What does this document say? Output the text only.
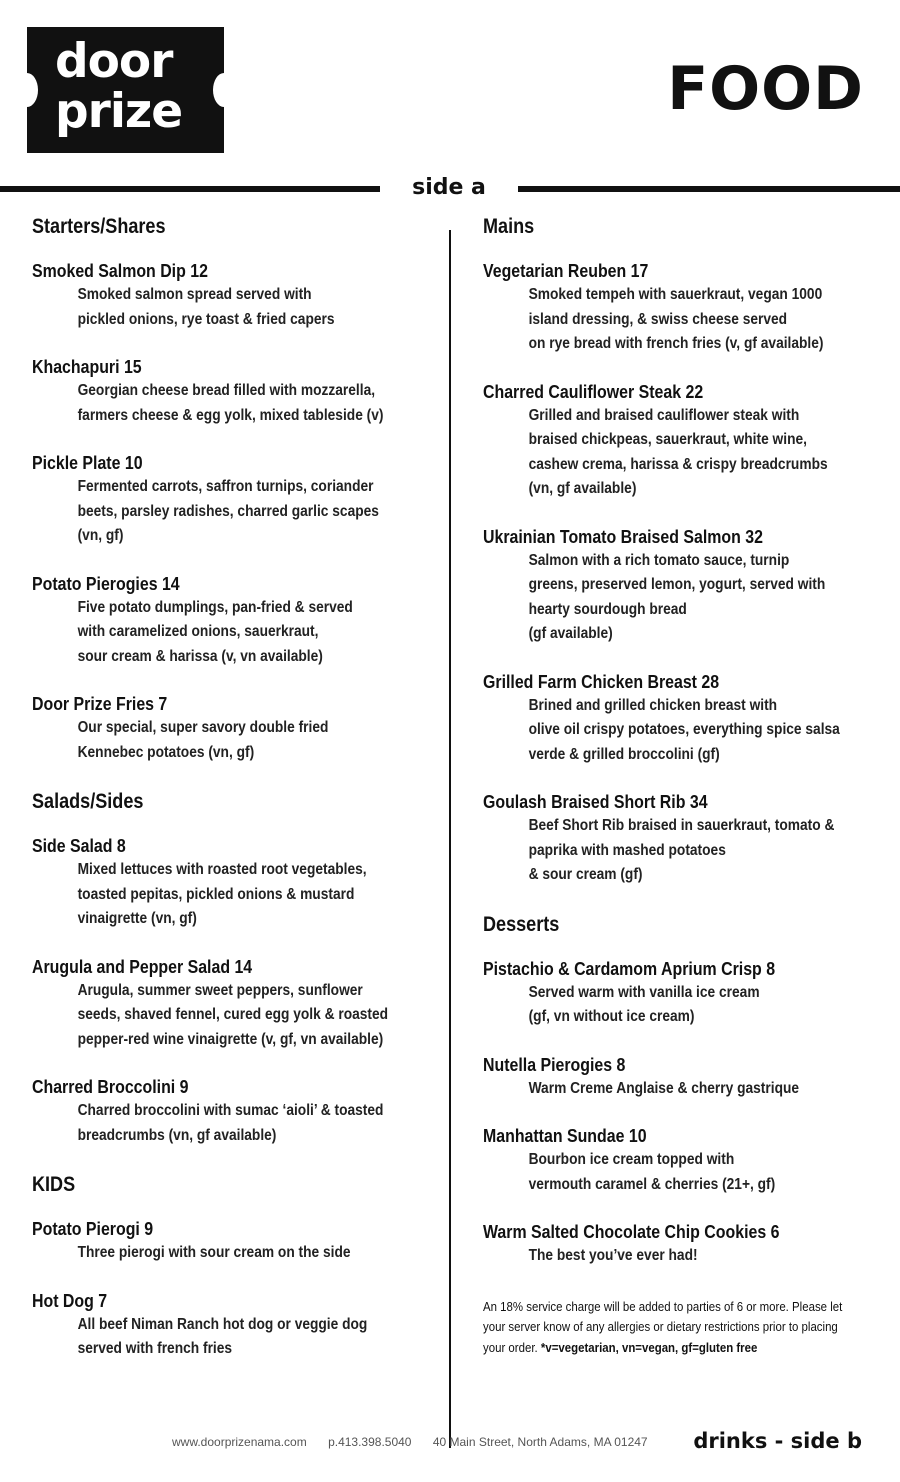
door
prize	FOOD
side a
Starters/Shares
Smoked Salmon Dip 12
Smoked salmon spread served with
pickled onions, rye toast & fried capers
Khachapuri 15
Georgian cheese bread filled with mozzarella,
farmers cheese & egg yolk, mixed tableside (v)
Pickle Plate 10
Fermented carrots, saffron turnips, coriander
beets, parsley radishes, charred garlic scapes
(vn, gf)
Potato Pierogies 14
Five potato dumplings, pan-fried & served
with caramelized onions, sauerkraut,
sour cream & harissa (v, vn available)
Door Prize Fries 7
Our special, super savory double fried
Kennebec potatoes (vn, gf)
Salads/Sides
Side Salad 8
Mixed lettuces with roasted root vegetables,
toasted pepitas, pickled onions & mustard
vinaigrette (vn, gf)
Arugula and Pepper Salad 14
Arugula, summer sweet peppers, sunflower
seeds, shaved fennel, cured egg yolk & roasted
pepper-red wine vinaigrette (v, gf, vn available)
Charred Broccolini 9
Charred broccolini with sumac ‘aioli’ & toasted
breadcrumbs (vn, gf available)
KIDS
Potato Pierogi 9
Three pierogi with sour cream on the side
Hot Dog 7
All beef Niman Ranch hot dog or veggie dog
served with french fries
Mains
Vegetarian Reuben 17
Smoked tempeh with sauerkraut, vegan 1000
island dressing, & swiss cheese served
on rye bread with french fries (v, gf available)
Charred Cauliflower Steak 22
Grilled and braised cauliflower steak with
braised chickpeas, sauerkraut, white wine,
cashew crema, harissa & crispy breadcrumbs
(vn, gf available)
Ukrainian Tomato Braised Salmon 32
Salmon with a rich tomato sauce, turnip
greens, preserved lemon, yogurt, served with
hearty sourdough bread
(gf available)
Grilled Farm Chicken Breast 28
Brined and grilled chicken breast with
olive oil crispy potatoes, everything spice salsa
verde & grilled broccolini (gf)
Goulash Braised Short Rib 34
Beef Short Rib braised in sauerkraut, tomato &
paprika with mashed potatoes
& sour cream (gf)
Desserts
Pistachio & Cardamom Aprium Crisp 8
Served warm with vanilla ice cream
(gf, vn without ice cream)
Nutella Pierogies 8
Warm Creme Anglaise & cherry gastrique
Manhattan Sundae 10
Bourbon ice cream topped with
vermouth caramel & cherries (21+, gf)
Warm Salted Chocolate Chip Cookies 6
The best you’ve ever had!
An 18% service charge will be added to parties of 6 or more. Please let
your server know of any allergies or dietary restrictions prior to placing
your order. *v=vegetarian, vn=vegan, gf=gluten free
www.doorprizenama.com p.413.398.5040 40 Main Street, North Adams, MA 01247	drinks - side b
